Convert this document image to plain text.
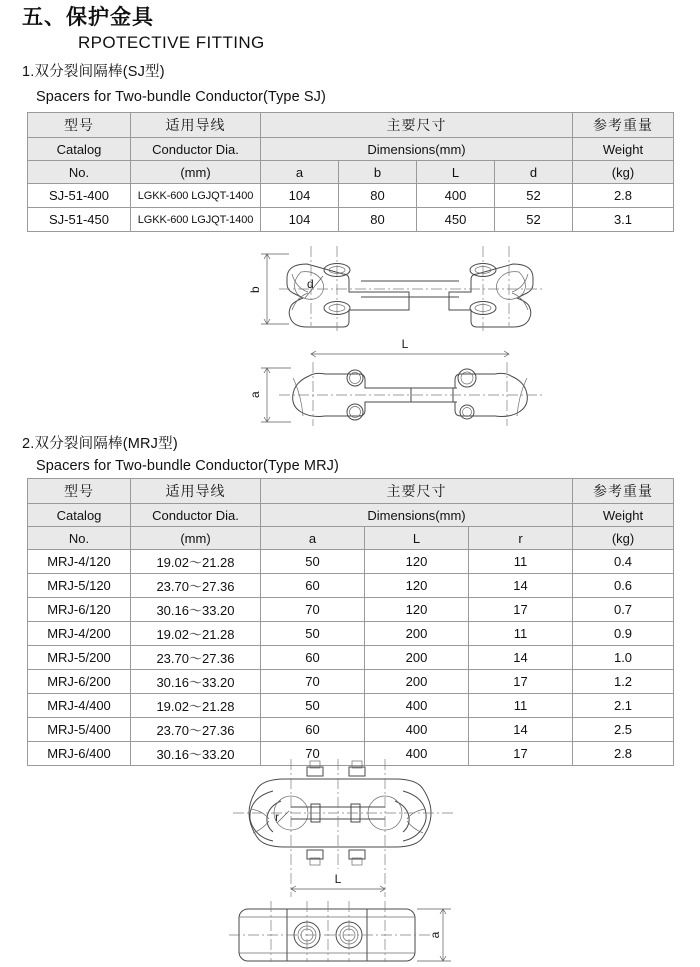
五、保护金具
RPOTECTIVE FITTING
1.双分裂间隔棒(SJ型)
Spacers for Two-bundle Conductor(Type SJ)
2.双分裂间隔棒(MRJ型)
Spacers for Two-bundle Conductor(Type MRJ)
型号	适用导线	主要尺寸				参考重量
Catalog	Conductor Dia.	Dimensions(mm)				Weight
No.	(mm)	a	b	L	d	(kg)
SJ-51-400	LGKK-600 LGJQT-1400	104	80	400	52	2.8
SJ-51-450	LGKK-600 LGJQT-1400	104	80	450	52	3.1
d
b
L
a
型号	适用导线	主要尺寸			参考重量
Catalog	Conductor Dia.	Dimensions(mm)			Weight
No.	(mm)	a	L	r	(kg)
MRJ-4/120	19.02〜21.28	50	120	11	0.4
MRJ-5/120	23.70〜27.36	60	120	14	0.6
MRJ-6/120	30.16〜33.20	70	120	17	0.7
MRJ-4/200	19.02〜21.28	50	200	11	0.9
MRJ-5/200	23.70〜27.36	60	200	14	1.0
MRJ-6/200	30.16〜33.20	70	200	17	1.2
MRJ-4/400	19.02〜21.28	50	400	11	2.1
MRJ-5/400	23.70〜27.36	60	400	14	2.5
MRJ-6/400	30.16〜33.20	70	400	17	2.8
r
L
a
